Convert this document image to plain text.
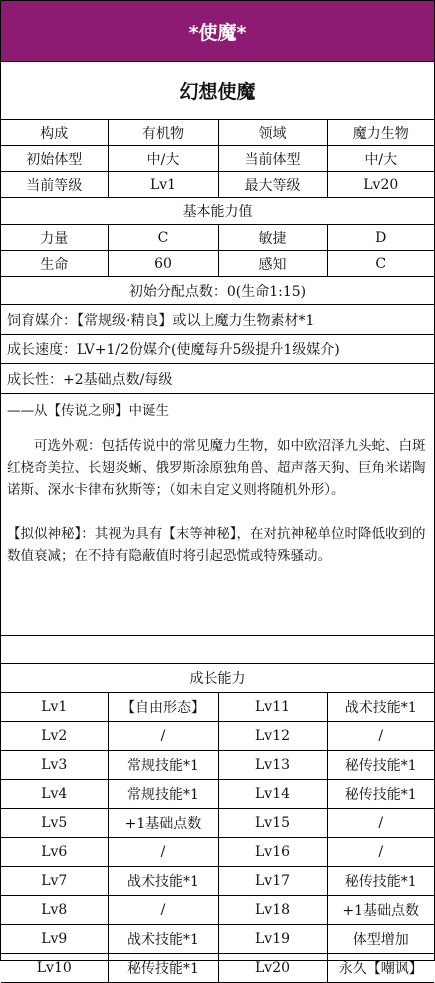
*使魔*
幻想使魔
构成	有机物	领域	魔力生物
初始体型	中/大	当前体型	中/大
当前等级	Lv1	最大等级	Lv20
基本能力值
力量	C	敏捷	D
生命	60	感知	C
初始分配点数：0(生命1:15)
饲育媒介：【常规级·精良】或以上魔力生物素材*1
成长速度：LV+1/2份媒介(使魔每升5级提升1级媒介)
成长性：+2基础点数/每级
——从【传说之卵】中诞生
可选外观：包括传说中的常见魔力生物，如中欧沼泽九头蛇、白斑红桡奇美拉、长翅炎蜥、俄罗斯涂原独角兽、超声落天狗、巨角米诺陶诺斯、深水卡律布狄斯等；（如未自定义则将随机外形）。
【拟似神秘】：其视为具有【末等神秘】，在对抗神秘单位时降低收到的数值衰减；在不持有隐蔽值时将引起恐慌或特殊骚动。
成长能力
Lv1	【自由形态】	Lv11	战术技能*1
Lv2	/	Lv12	/
Lv3	常规技能*1	Lv13	秘传技能*1
Lv4	常规技能*1	Lv14	秘传技能*1
Lv5	+1基础点数	Lv15	/
Lv6	/	Lv16	/
Lv7	战术技能*1	Lv17	秘传技能*1
Lv8	/	Lv18	+1基础点数
Lv9	战术技能*1	Lv19	体型增加
Lv10	秘传技能*1	Lv20	永久【嘲讽】
